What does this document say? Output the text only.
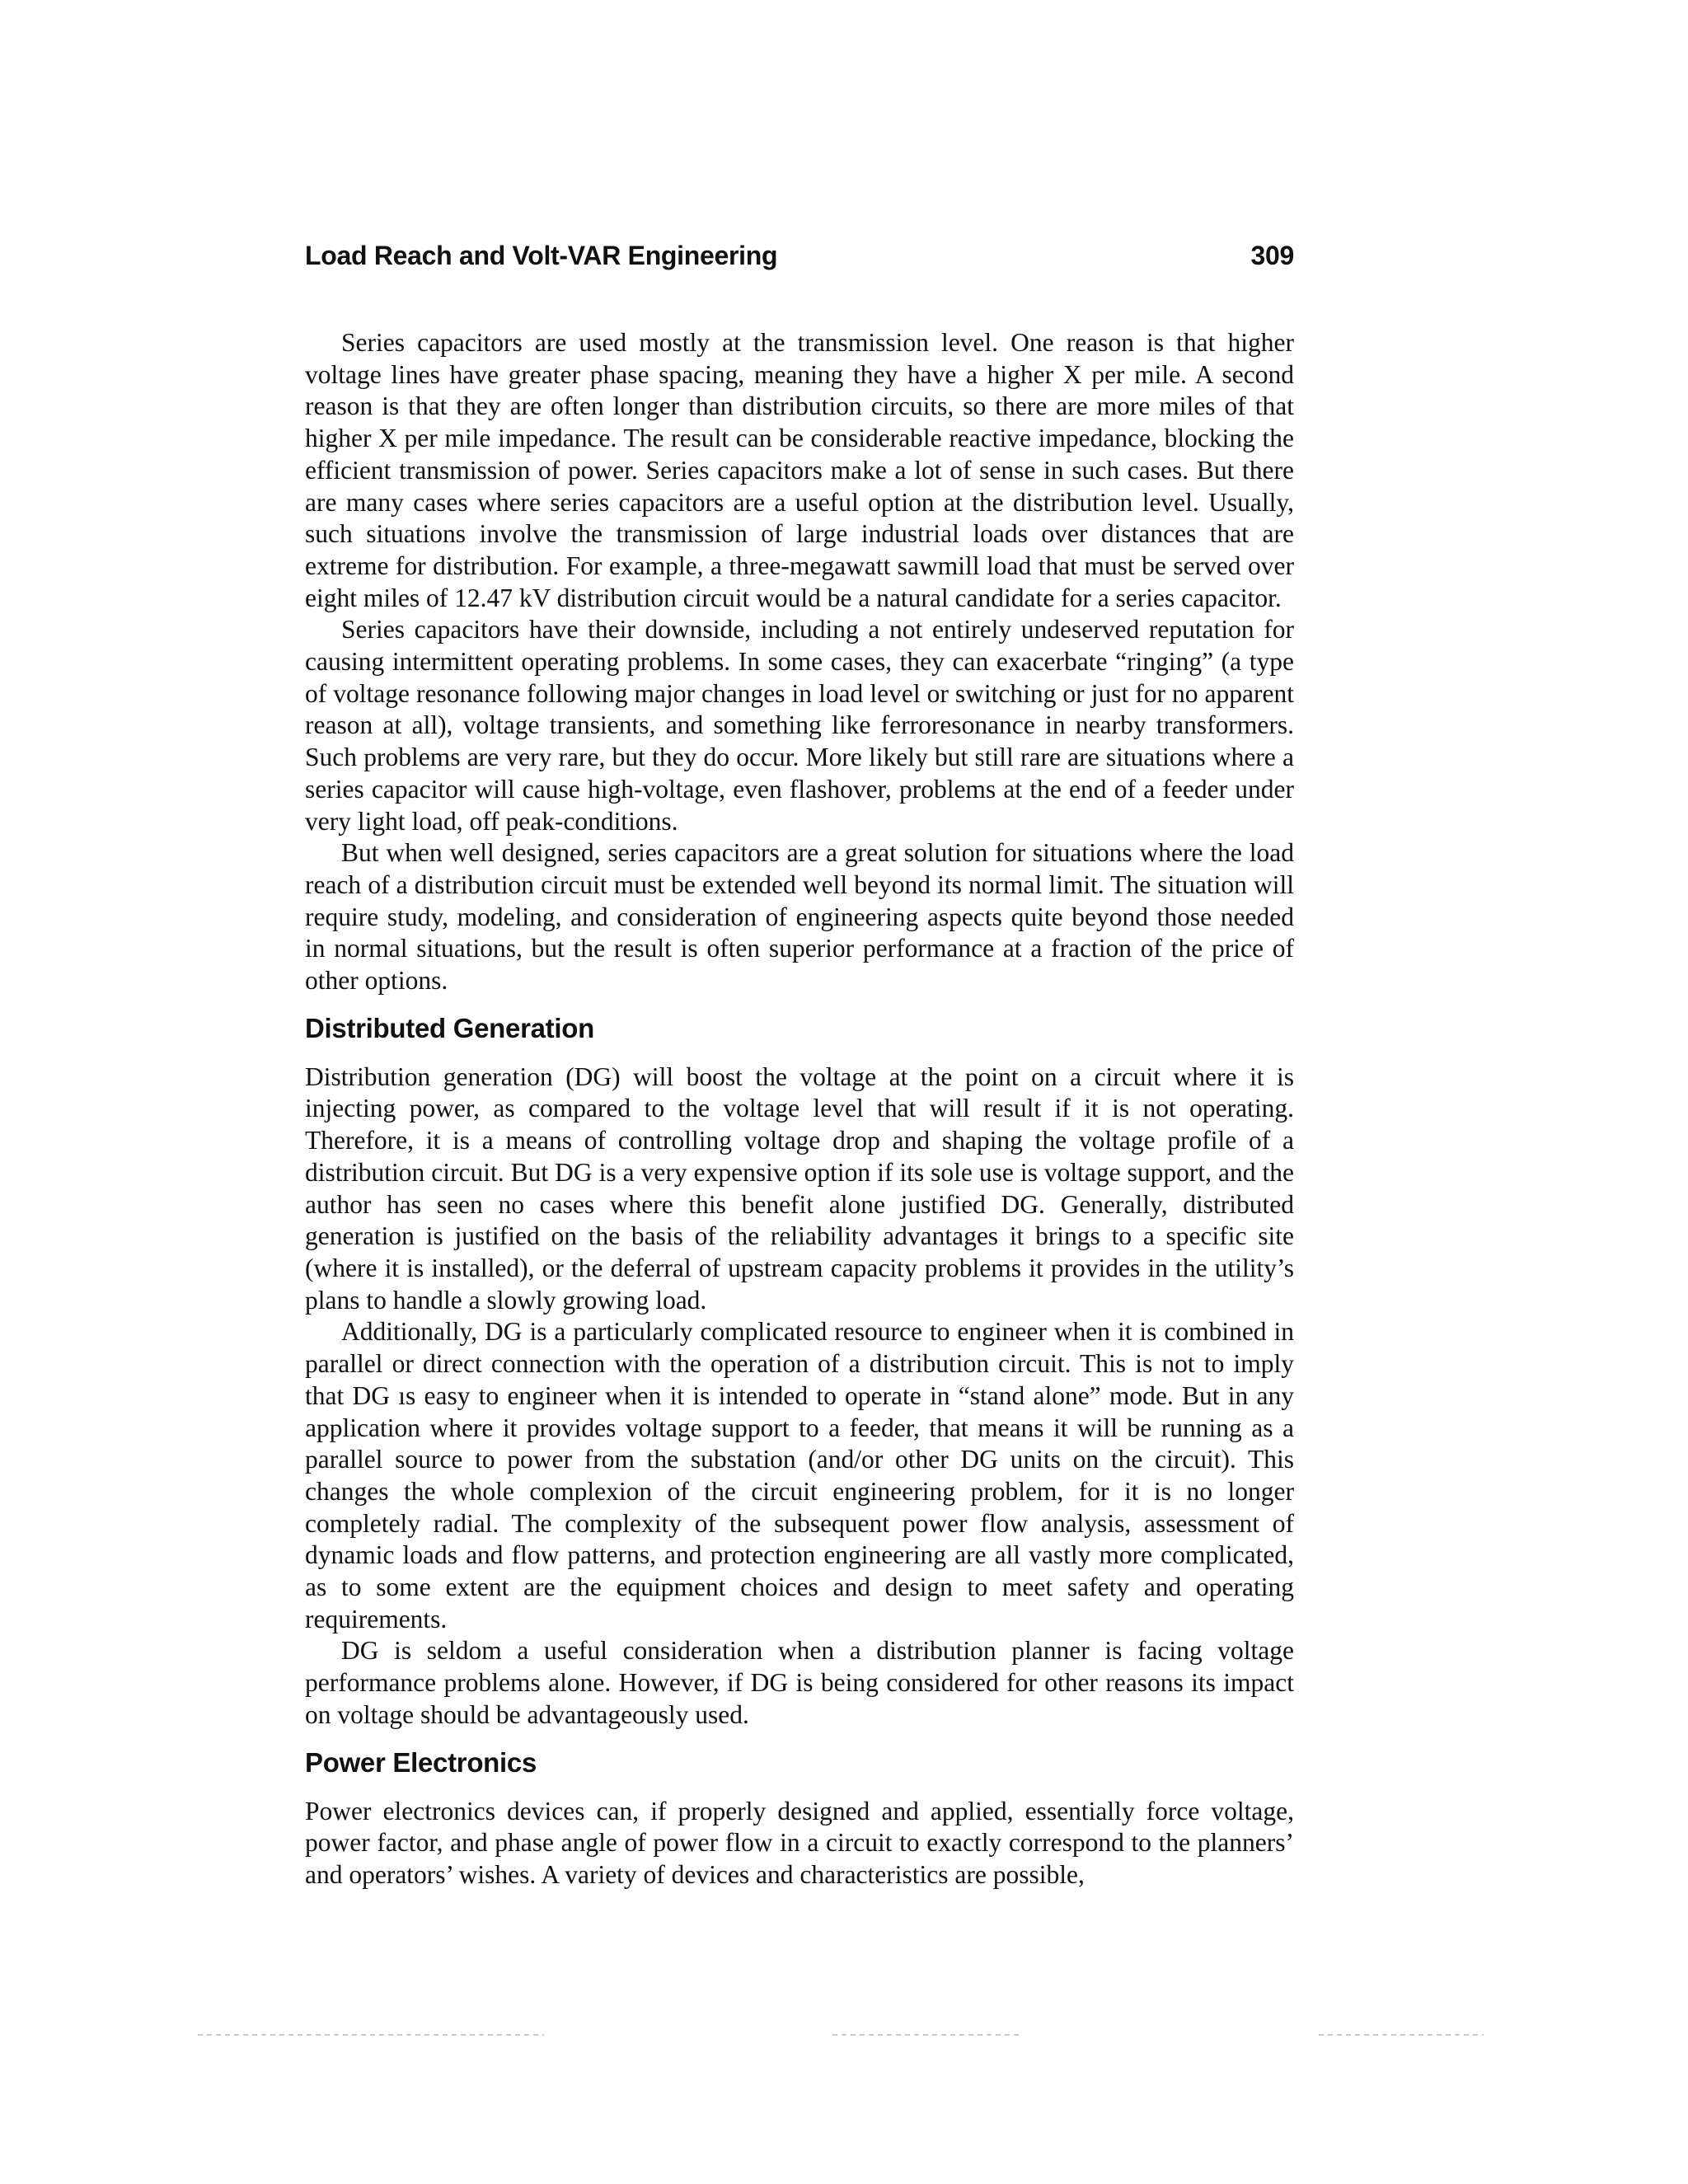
Load Reach and Volt-VAR Engineering	309

Series capacitors are used mostly at the transmission level. One reason is that higher voltage lines have greater phase spacing, meaning they have a higher X per mile. A second reason is that they are often longer than distribution circuits, so there are more miles of that higher X per mile impedance. The result can be considerable reactive impedance, blocking the efficient transmission of power. Series capacitors make a lot of sense in such cases. But there are many cases where series capacitors are a useful option at the distribution level. Usually, such situations involve the transmission of large industrial loads over distances that are extreme for distribution. For example, a three-megawatt sawmill load that must be served over eight miles of 12.47 kV distribution circuit would be a natural candidate for a series capacitor.

Series capacitors have their downside, including a not entirely undeserved reputation for causing intermittent operating problems. In some cases, they can exacerbate “ringing” (a type of voltage resonance following major changes in load level or switching or just for no apparent reason at all), voltage transients, and something like ferroresonance in nearby transformers. Such problems are very rare, but they do occur. More likely but still rare are situations where a series capacitor will cause high-voltage, even flashover, problems at the end of a feeder under very light load, off peak-conditions.

But when well designed, series capacitors are a great solution for situations where the load reach of a distribution circuit must be extended well beyond its normal limit. The situation will require study, modeling, and consideration of engineering aspects quite beyond those needed in normal situations, but the result is often superior performance at a fraction of the price of other options.

Distributed Generation

Distribution generation (DG) will boost the voltage at the point on a circuit where it is injecting power, as compared to the voltage level that will result if it is not operating. Therefore, it is a means of controlling voltage drop and shaping the voltage profile of a distribution circuit. But DG is a very expensive option if its sole use is voltage support, and the author has seen no cases where this benefit alone justified DG. Generally, distributed generation is justified on the basis of the reliability advantages it brings to a specific site (where it is installed), or the deferral of upstream capacity problems it provides in the utility’s plans to handle a slowly growing load.

Additionally, DG is a particularly complicated resource to engineer when it is combined in parallel or direct connection with the operation of a distribution circuit. This is not to imply that DG ıs easy to engineer when it is intended to operate in “stand alone” mode. But in any application where it provides voltage support to a feeder, that means it will be running as a parallel source to power from the substation (and/or other DG units on the circuit). This changes the whole complexion of the circuit engineering problem, for it is no longer completely radial. The complexity of the subsequent power flow analysis, assessment of dynamic loads and flow patterns, and protection engineering are all vastly more complicated, as to some extent are the equipment choices and design to meet safety and operating requirements.

DG is seldom a useful consideration when a distribution planner is facing voltage performance problems alone. However, if DG is being considered for other reasons its impact on voltage should be advantageously used.

Power Electronics

Power electronics devices can, if properly designed and applied, essentially force voltage, power factor, and phase angle of power flow in a circuit to exactly correspond to the planners’ and operators’ wishes. A variety of devices and characteristics are possible,
